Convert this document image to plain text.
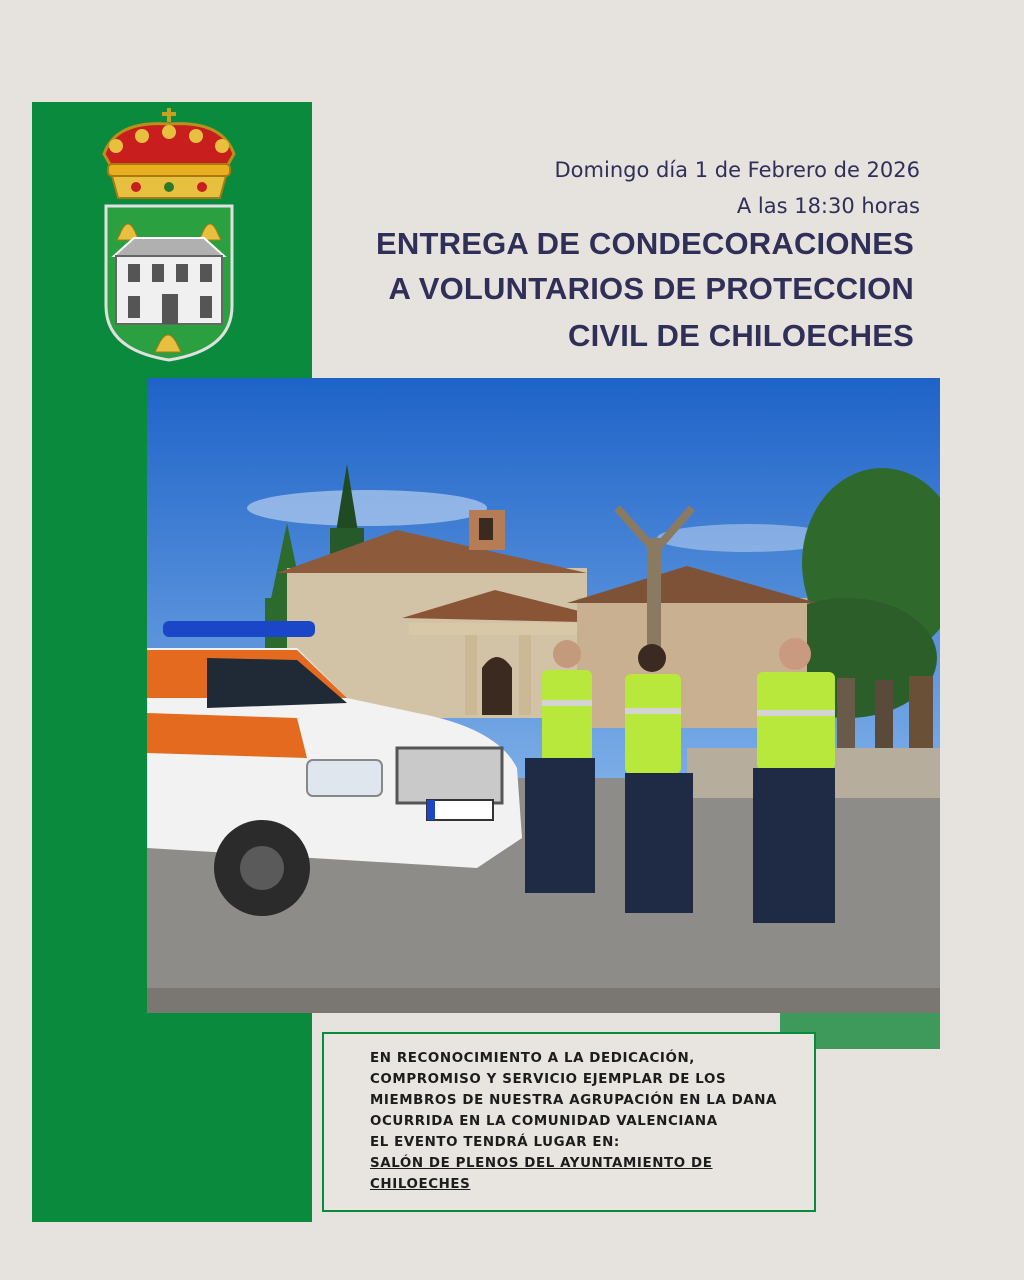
Domingo día 1 de Febrero de 2026
A las 18:30 horas
ENTREGA DE CONDECORACIONES
A VOLUNTARIOS DE PROTECCION
CIVIL DE CHILOECHES
EN RECONOCIMIENTO A LA DEDICACIÓN,
COMPROMISO Y SERVICIO EJEMPLAR DE LOS
MIEMBROS DE NUESTRA AGRUPACIÓN EN LA DANA
OCURRIDA EN LA COMUNIDAD VALENCIANA
EL EVENTO TENDRÁ LUGAR EN:
SALÓN DE PLENOS DEL AYUNTAMIENTO DE
CHILOECHES
